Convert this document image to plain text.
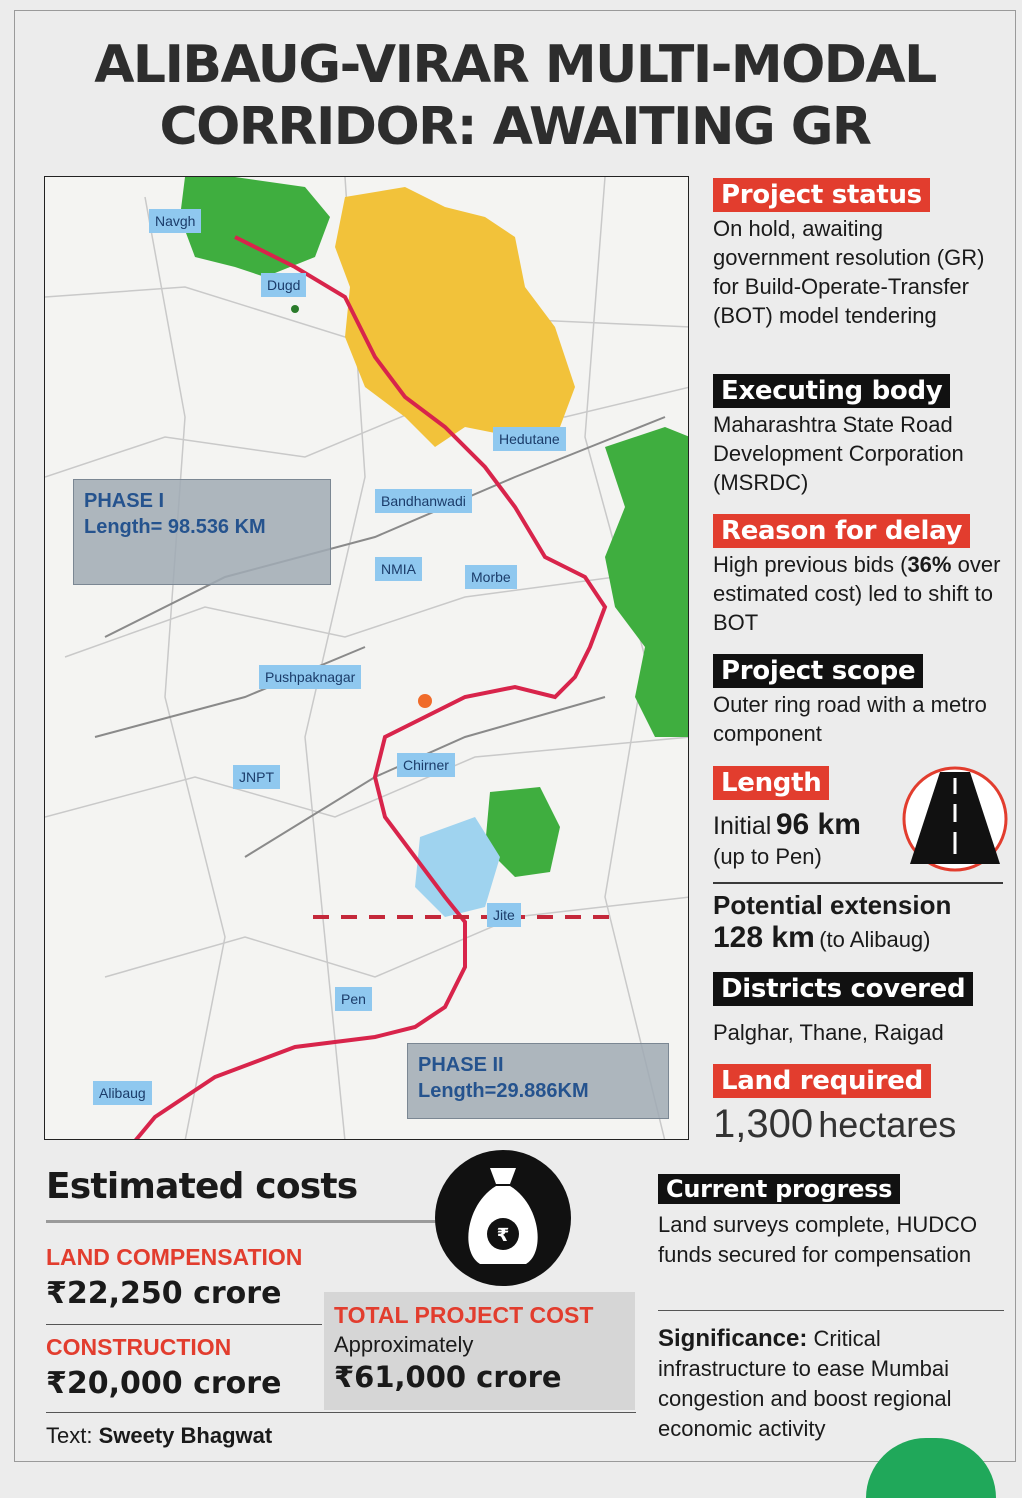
ALIBAUG-VIRAR MULTI-MODAL
CORRIDOR: AWAITING GR
Navgh
Dugd
Hedutane
Bandhanwadi
NMIA	Morbe
Pushpaknagar
Chirner
JNPT
Jite
Pen
Alibaug
PHASE I
Length= 98.536 KM
PHASE II
Length=29.886KM
Project status
On hold, awaiting government resolution (GR) for Build-Operate-Transfer (BOT) model tendering
Executing body
Maharashtra State Road Development Corporation (MSRDC)
Reason for delay
High previous bids (36% over estimated cost) led to shift to BOT
Project scope
Outer ring road with a metro component
Length
Initial 96 km
(up to Pen)
Potential extension
128 km (to Alibaug)
Districts covered
Palghar, Thane, Raigad
Land required
1,300 hectares
Estimated costs
₹
LAND COMPENSATION
₹22,250 crore
CONSTRUCTION
₹20,000 crore
TOTAL PROJECT COST
Approximately
₹61,000 crore
Text: Sweety Bhagwat
Current progress
Land surveys complete, HUDCO funds secured for compensation
Significance: Critical infrastructure to ease Mumbai congestion and boost regional economic activity
